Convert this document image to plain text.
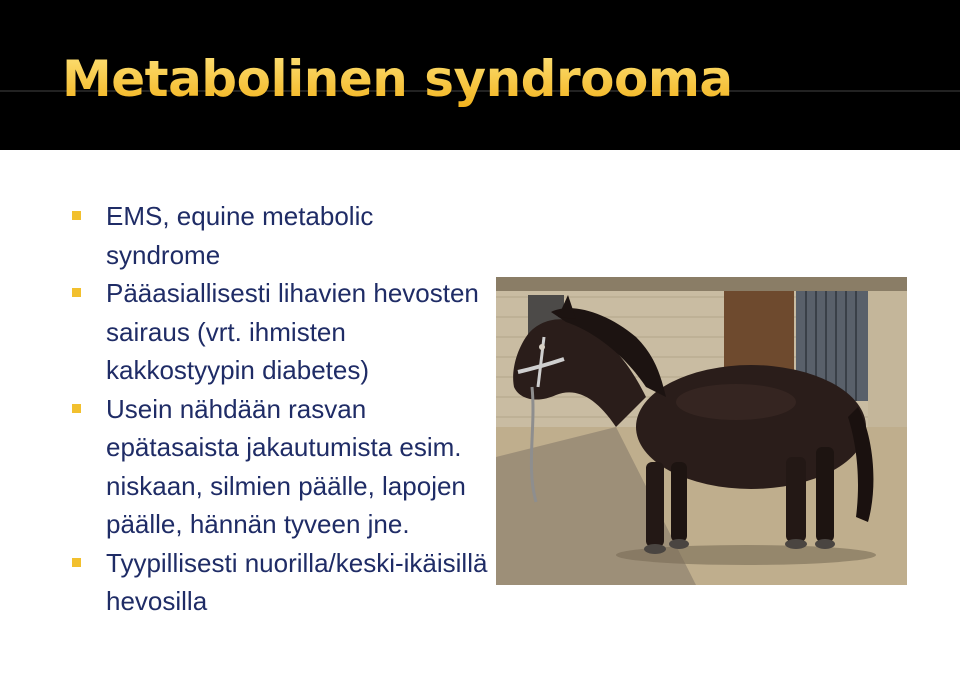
Metabolinen syndrooma
EMS, equine metabolic syndrome
Pääasiallisesti lihavien hevosten sairaus (vrt. ihmisten kakkostyypin diabetes)
Usein nähdään rasvan epätasaista jakautumista esim. niskaan, silmien päälle, lapojen päälle, hännän tyveen jne.
Tyypillisesti nuorilla/keski-ikäisillä hevosilla
